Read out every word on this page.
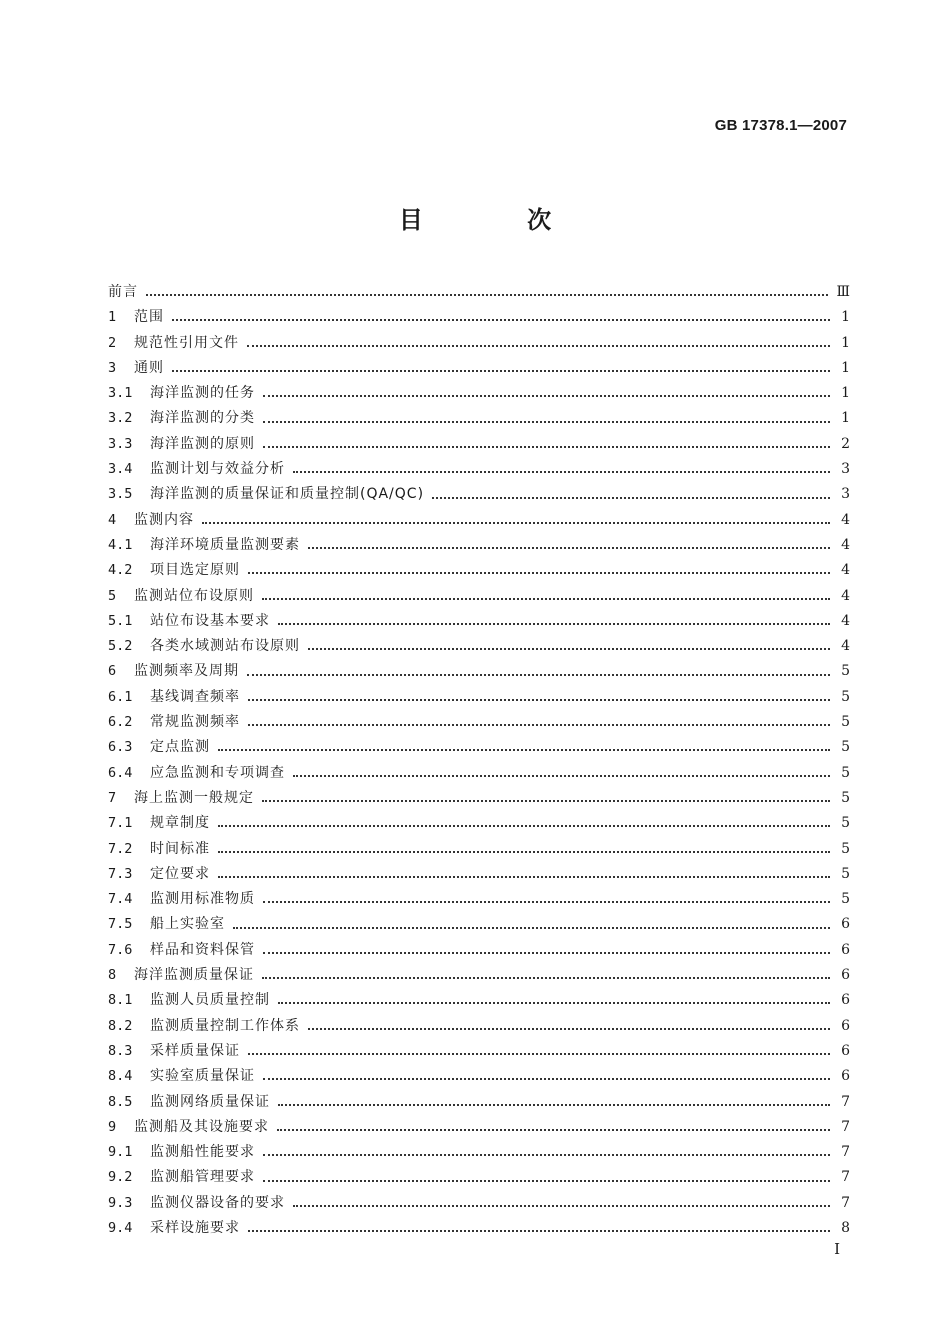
GB 17378.1—2007
目 次
前言	Ⅲ
1	范围	1
2	规范性引用文件	1
3	通则	1
3.1	海洋监测的任务	1
3.2	海洋监测的分类	1
3.3	海洋监测的原则	2
3.4	监测计划与效益分析	3
3.5	海洋监测的质量保证和质量控制(QA/QC)	3
4	监测内容	4
4.1	海洋环境质量监测要素	4
4.2	项目选定原则	4
5	监测站位布设原则	4
5.1	站位布设基本要求	4
5.2	各类水域测站布设原则	4
6	监测频率及周期	5
6.1	基线调查频率	5
6.2	常规监测频率	5
6.3	定点监测	5
6.4	应急监测和专项调查	5
7	海上监测一般规定	5
7.1	规章制度	5
7.2	时间标准	5
7.3	定位要求	5
7.4	监测用标准物质	5
7.5	船上实验室	6
7.6	样品和资料保管	6
8	海洋监测质量保证	6
8.1	监测人员质量控制	6
8.2	监测质量控制工作体系	6
8.3	采样质量保证	6
8.4	实验室质量保证	6
8.5	监测网络质量保证	7
9	监测船及其设施要求	7
9.1	监测船性能要求	7
9.2	监测船管理要求	7
9.3	监测仪器设备的要求	7
9.4	采样设施要求	8
I
